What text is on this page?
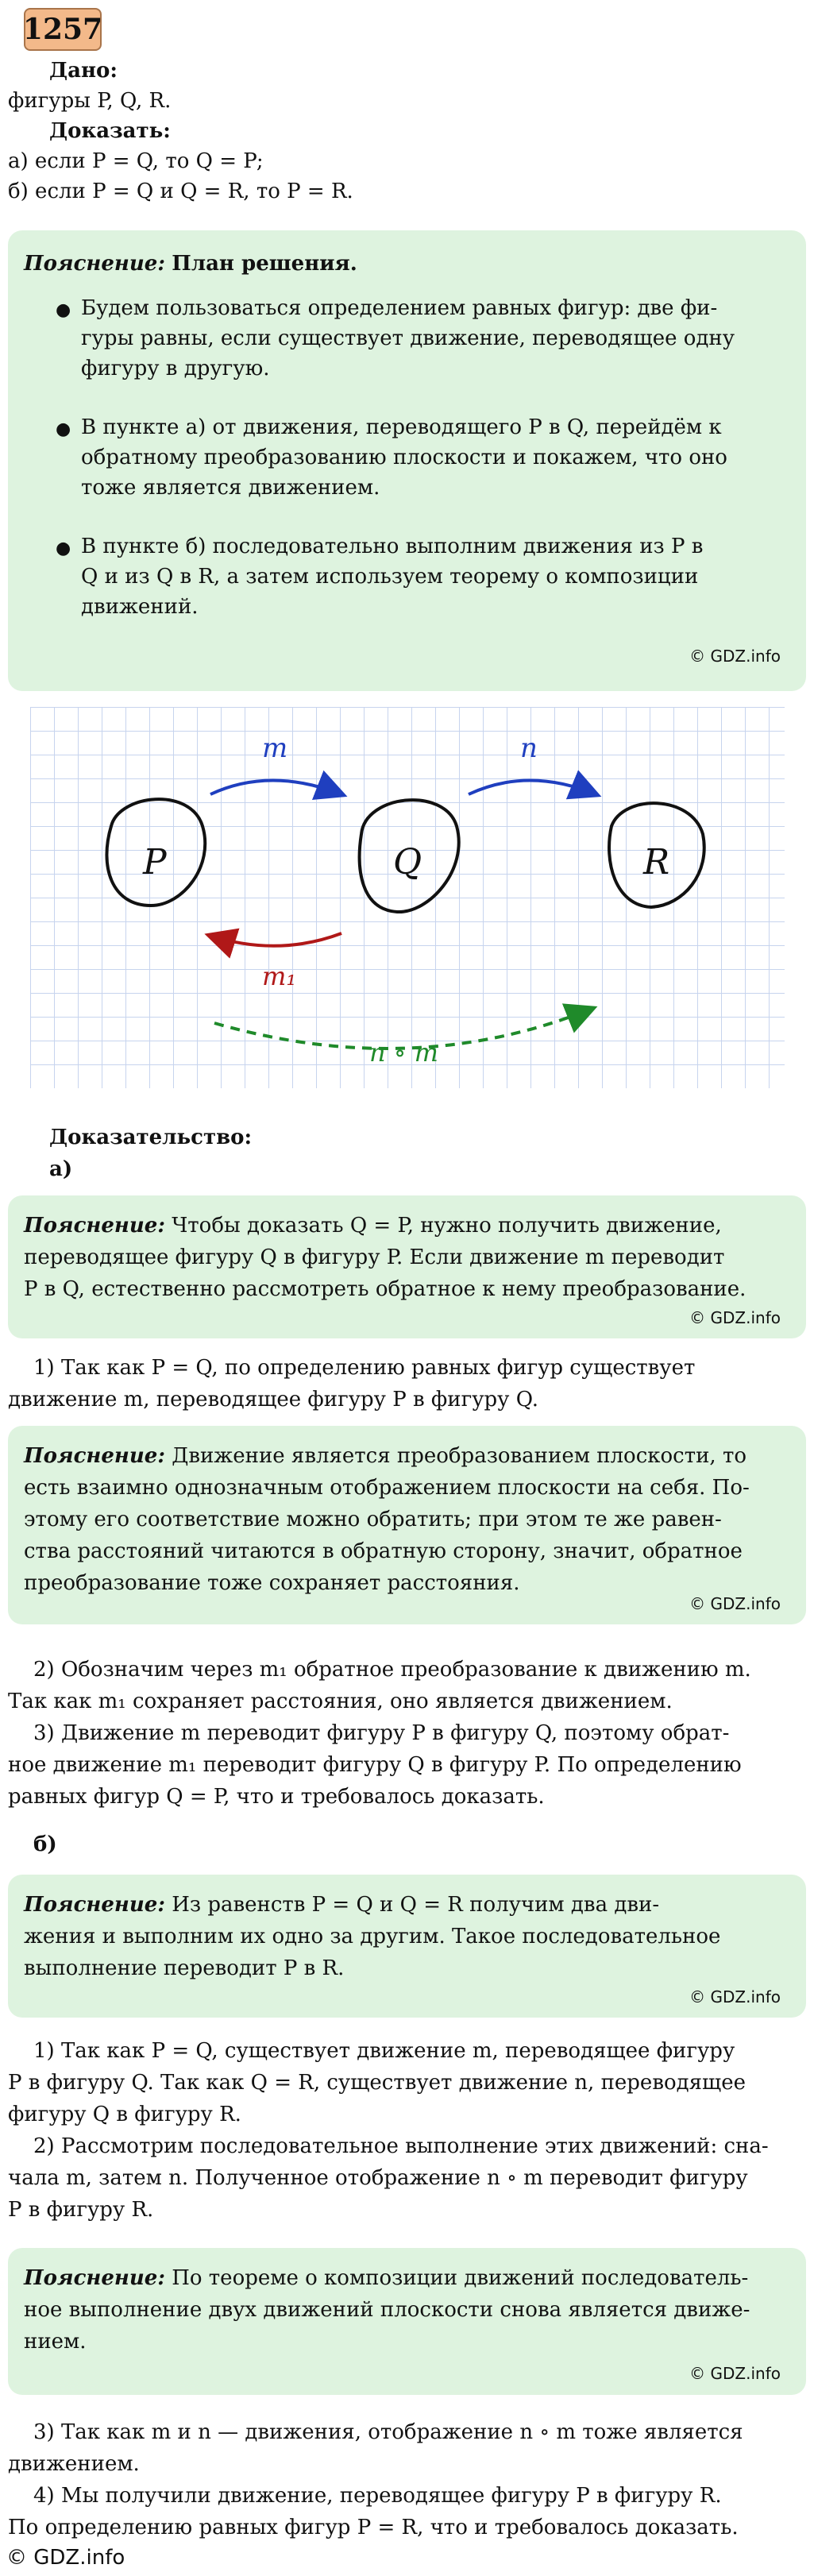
1257
Дано:
фигуры P, Q, R.
Доказать:
а) если P = Q, то Q = P;
б) если P = Q и Q = R, то P = R.
Пояснение: План решения.
● Будем пользоваться определением равных фигур: две фи-
гуры равны, если существует движение, переводящее одну
фигуру в другую.
● В пункте а) от движения, переводящего P в Q, перейдём к
обратному преобразованию плоскости и покажем, что оно
тоже является движением.
● В пункте б) последовательно выполним движения из P в
Q и из Q в R, а затем используем теорему о композиции
движений.
© GDZ.info
P	Q	R
m	n
m₁
n ∘ m
Доказательство:
а)
Пояснение: Чтобы доказать Q = P, нужно получить движение,
переводящее фигуру Q в фигуру P. Если движение m переводит
P в Q, естественно рассмотреть обратное к нему преобразование.
© GDZ.info
1) Так как P = Q, по определению равных фигур существует
движение m, переводящее фигуру P в фигуру Q.
Пояснение: Движение является преобразованием плоскости, то
есть взаимно однозначным отображением плоскости на себя. По-
этому его соответствие можно обратить; при этом те же равен-
ства расстояний читаются в обратную сторону, значит, обратное
преобразование тоже сохраняет расстояния.
© GDZ.info
2) Обозначим через m₁ обратное преобразование к движению m.
Так как m₁ сохраняет расстояния, оно является движением.
3) Движение m переводит фигуру P в фигуру Q, поэтому обрат-
ное движение m₁ переводит фигуру Q в фигуру P. По определению
равных фигур Q = P, что и требовалось доказать.
б)
Пояснение: Из равенств P = Q и Q = R получим два дви-
жения и выполним их одно за другим. Такое последовательное
выполнение переводит P в R.
© GDZ.info
1) Так как P = Q, существует движение m, переводящее фигуру
P в фигуру Q. Так как Q = R, существует движение n, переводящее
фигуру Q в фигуру R.
2) Рассмотрим последовательное выполнение этих движений: сна-
чала m, затем n. Полученное отображение n ∘ m переводит фигуру
P в фигуру R.
Пояснение: По теореме о композиции движений последователь-
ное выполнение двух движений плоскости снова является движе-
нием.
© GDZ.info
3) Так как m и n — движения, отображение n ∘ m тоже является
движением.
4) Мы получили движение, переводящее фигуру P в фигуру R.
По определению равных фигур P = R, что и требовалось доказать.
© GDZ.info
